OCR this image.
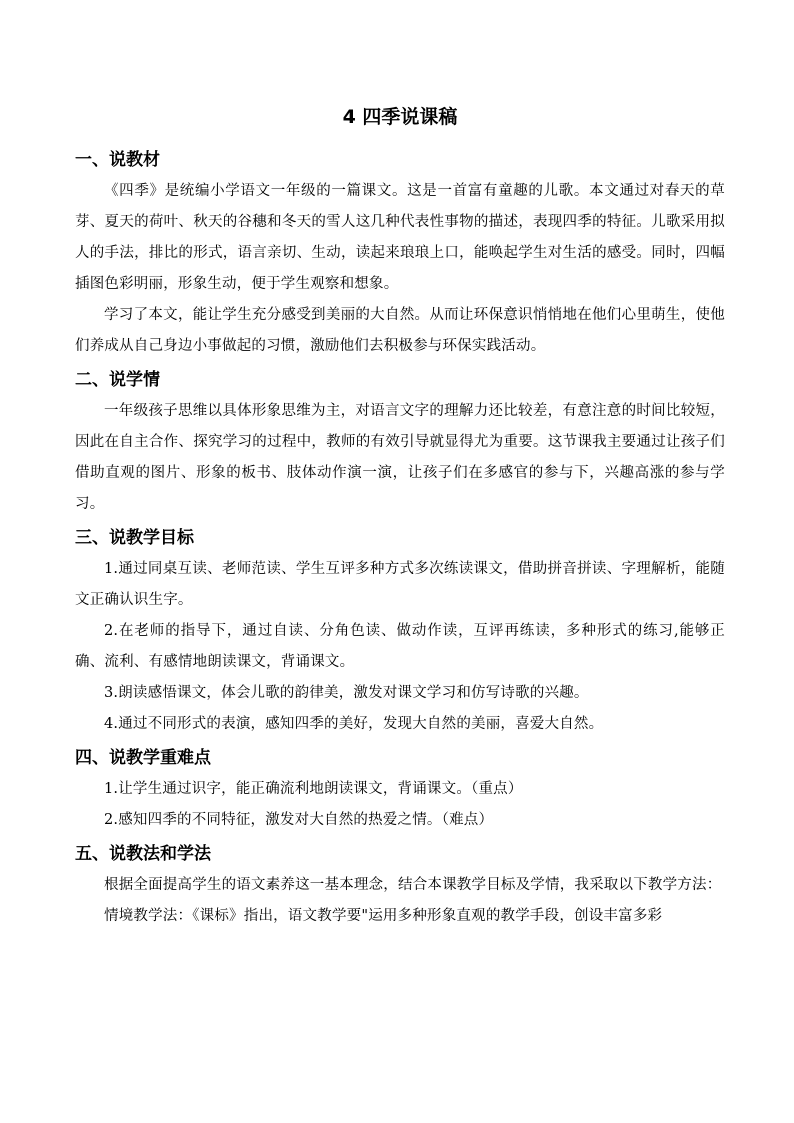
4 四季说课稿
一、说教材

《四季》是统编小学语文一年级的一篇课文。这是一首富有童趣的儿歌。本文通过对春天的草芽、夏天的荷叶、秋天的谷穗和冬天的雪人这几种代表性事物的描述，表现四季的特征。儿歌采用拟人的手法，排比的形式，语言亲切、生动，读起来琅琅上口，能唤起学生对生活的感受。同时，四幅插图色彩明丽，形象生动，便于学生观察和想象。

学习了本文，能让学生充分感受到美丽的大自然。从而让环保意识悄悄地在他们心里萌生，使他们养成从自己身边小事做起的习惯，激励他们去积极参与环保实践活动。

二、说学情

一年级孩子思维以具体形象思维为主，对语言文字的理解力还比较差，有意注意的时间比较短，因此在自主合作、探究学习的过程中，教师的有效引导就显得尤为重要。这节课我主要通过让孩子们借助直观的图片、形象的板书、肢体动作演一演，让孩子们在多感官的参与下，兴趣高涨的参与学习。

三、说教学目标

1.通过同桌互读、老师范读、学生互评多种方式多次练读课文，借助拼音拼读、字理解析，能随文正确认识生字。

2.在老师的指导下，通过自读、分角色读、做动作读，互评再练读，多种形式的练习,能够正确、流利、有感情地朗读课文，背诵课文。

3.朗读感悟课文，体会儿歌的韵律美，激发对课文学习和仿写诗歌的兴趣。

4.通过不同形式的表演，感知四季的美好，发现大自然的美丽，喜爱大自然。

四、说教学重难点

1.让学生通过识字，能正确流利地朗读课文，背诵课文。（重点）

2.感知四季的不同特征，激发对大自然的热爱之情。（难点）

五、说教法和学法

根据全面提高学生的语文素养这一基本理念，结合本课教学目标及学情，我采取以下教学方法：

情境教学法：《课标》指出，语文教学要"运用多种形象直观的教学手段，创设丰富多彩
